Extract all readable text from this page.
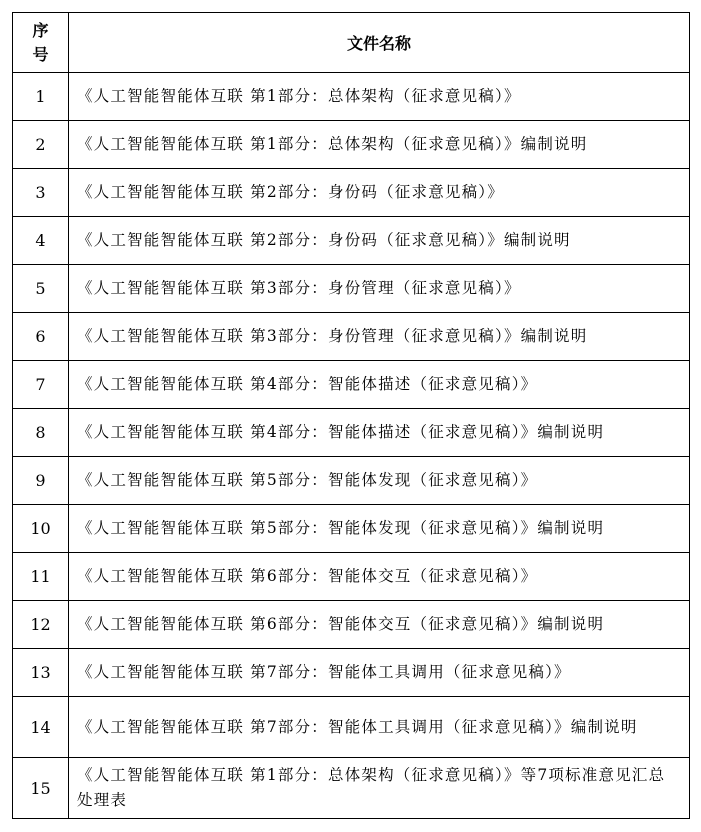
序号	文件名称
1	《人工智能智能体互联 第1部分：总体架构（征求意见稿）》
2	《人工智能智能体互联 第1部分：总体架构（征求意见稿）》编制说明
3	《人工智能智能体互联 第2部分：身份码（征求意见稿）》
4	《人工智能智能体互联 第2部分：身份码（征求意见稿）》编制说明
5	《人工智能智能体互联 第3部分：身份管理（征求意见稿）》
6	《人工智能智能体互联 第3部分：身份管理（征求意见稿）》编制说明
7	《人工智能智能体互联 第4部分：智能体描述（征求意见稿）》
8	《人工智能智能体互联 第4部分：智能体描述（征求意见稿）》编制说明
9	《人工智能智能体互联 第5部分：智能体发现（征求意见稿）》
10	《人工智能智能体互联 第5部分：智能体发现（征求意见稿）》编制说明
11	《人工智能智能体互联 第6部分：智能体交互（征求意见稿）》
12	《人工智能智能体互联 第6部分：智能体交互（征求意见稿）》编制说明
13	《人工智能智能体互联 第7部分：智能体工具调用（征求意见稿）》
14	《人工智能智能体互联 第7部分：智能体工具调用（征求意见稿）》编制说明
15	《人工智能智能体互联 第1部分：总体架构（征求意见稿）》等7项标准意见汇总处理表
